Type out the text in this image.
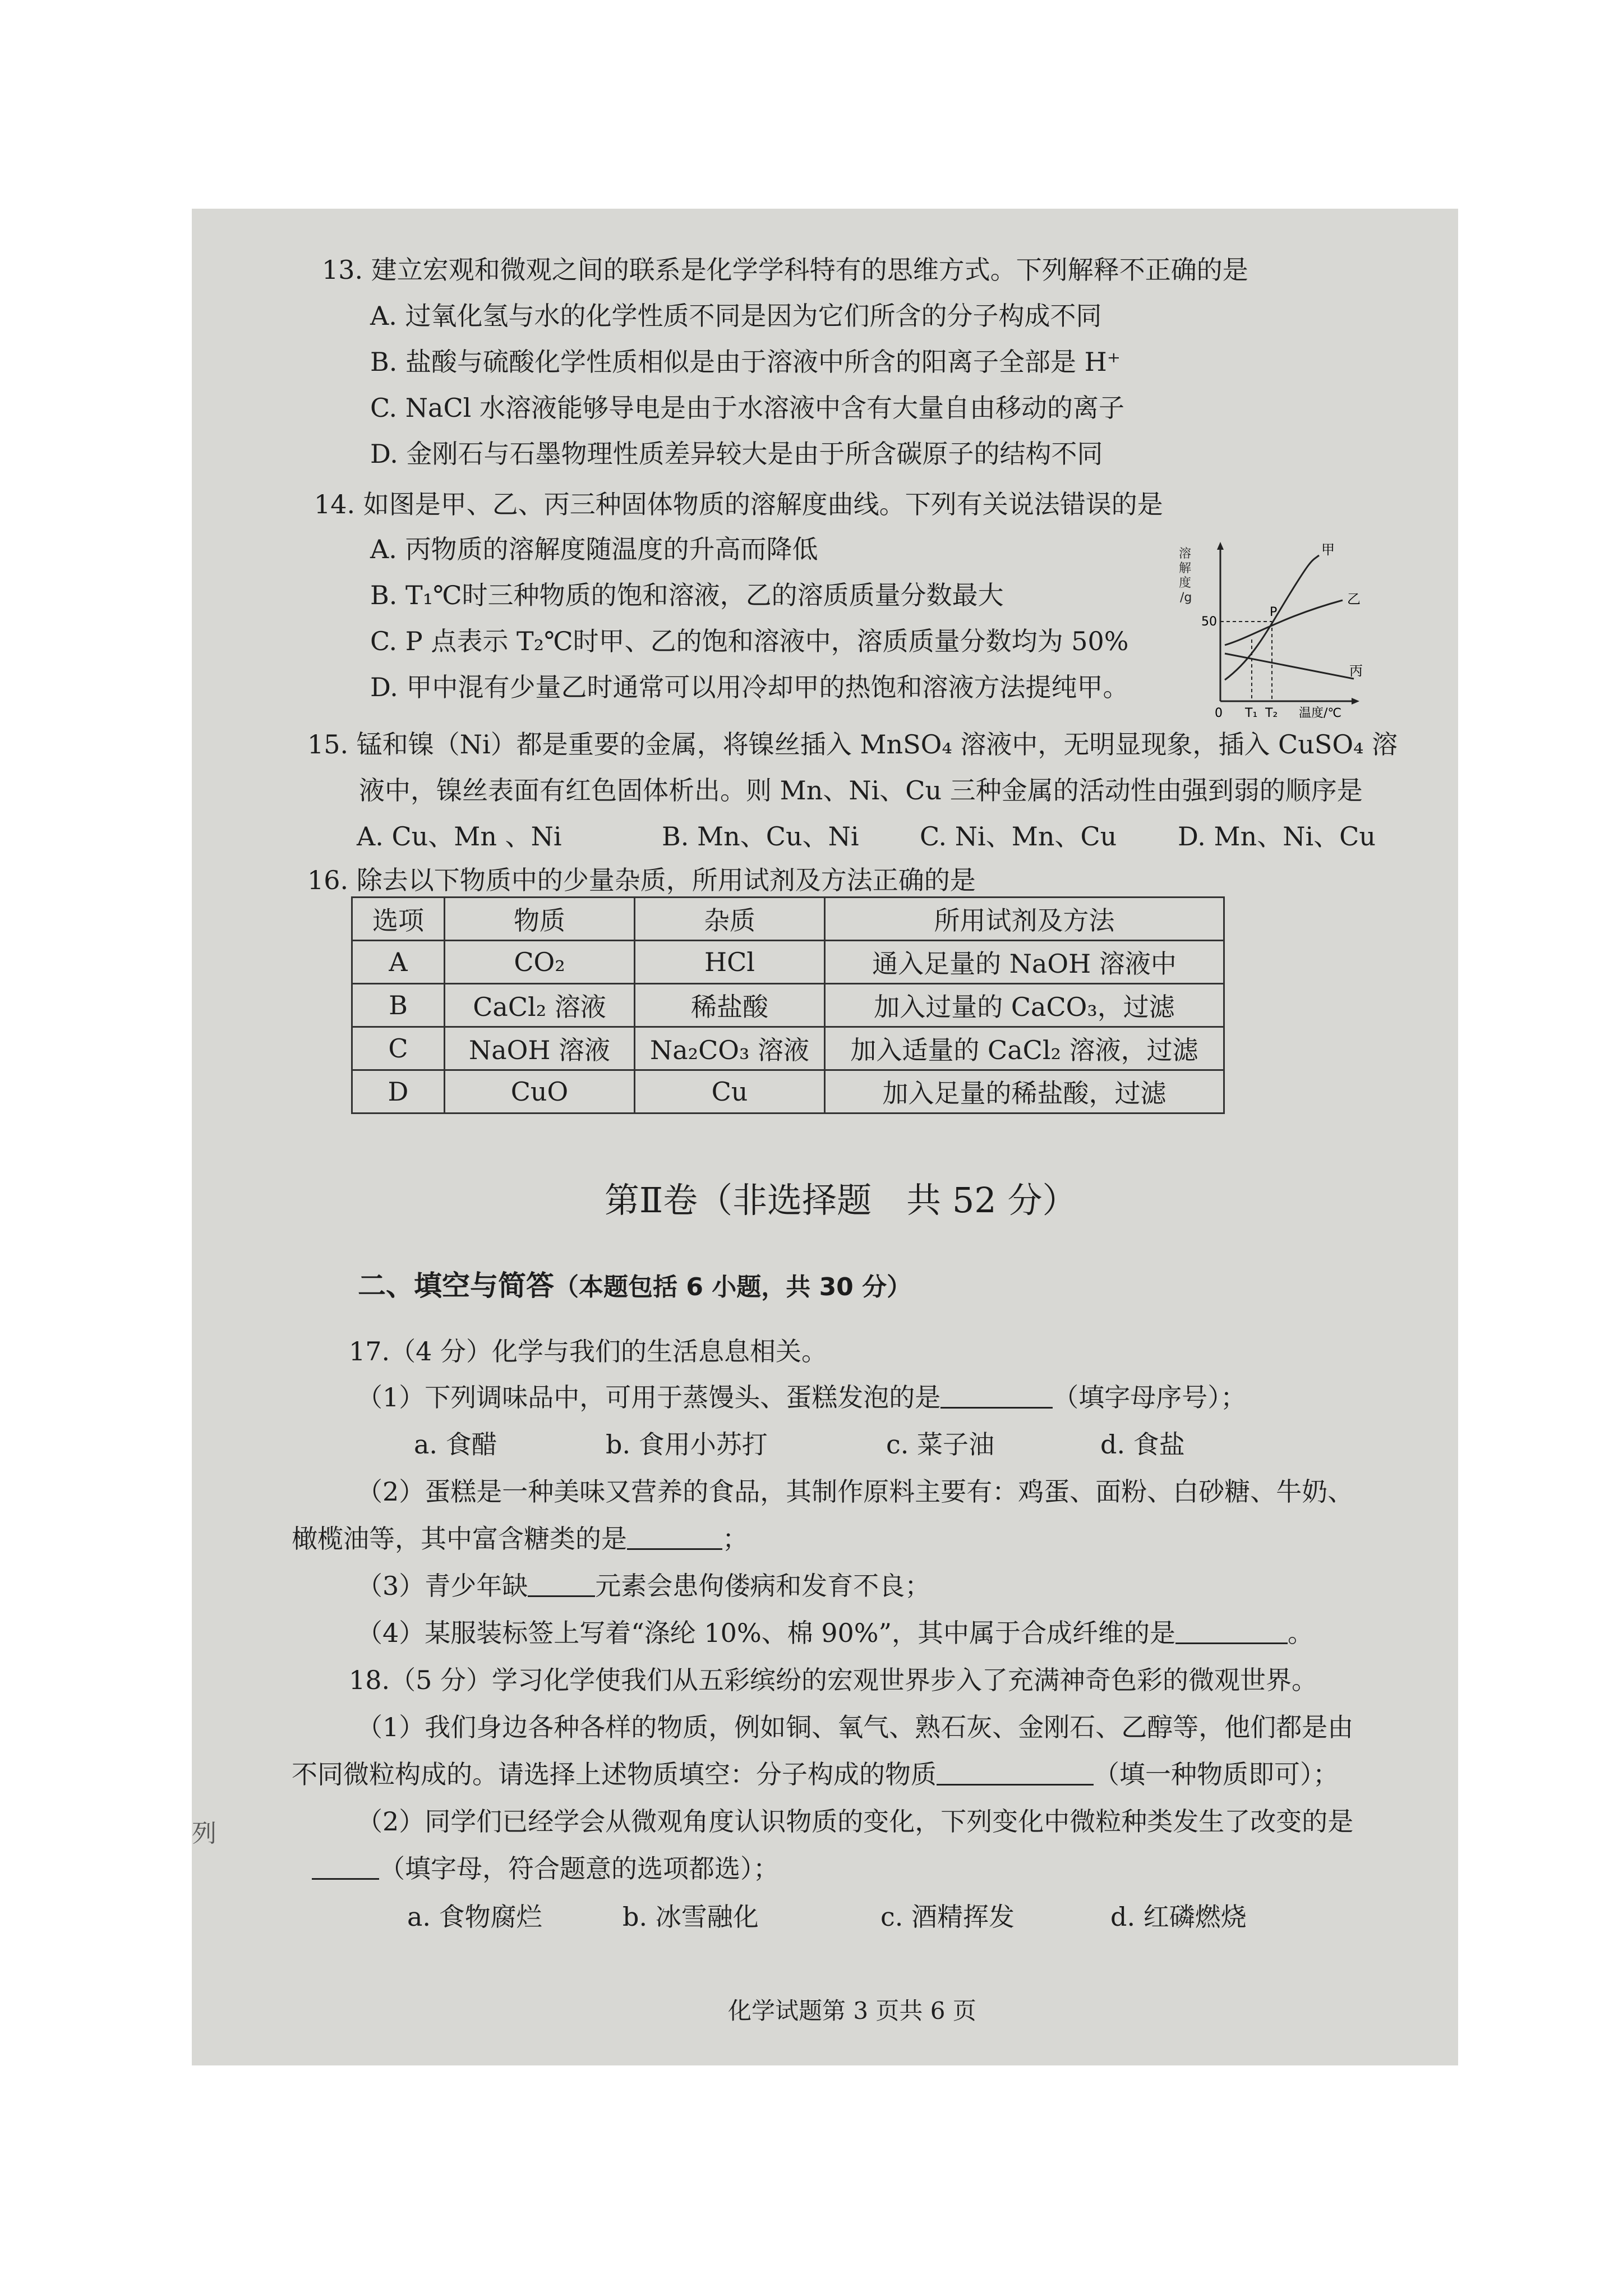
13. 建立宏观和微观之间的联系是化学学科特有的思维方式。下列解释不正确的是
A. 过氧化氢与水的化学性质不同是因为它们所含的分子构成不同
B. 盐酸与硫酸化学性质相似是由于溶液中所含的阳离子全部是 H⁺
C. NaCl 水溶液能够导电是由于水溶液中含有大量自由移动的离子
D. 金刚石与石墨物理性质差异较大是由于所含碳原子的结构不同
14. 如图是甲、乙、丙三种固体物质的溶解度曲线。下列有关说法错误的是
A. 丙物质的溶解度随温度的升高而降低
B. T₁℃时三种物质的饱和溶液，乙的溶质质量分数最大
C. P 点表示 T₂℃时甲、乙的饱和溶液中，溶质质量分数均为 50%
D. 甲中混有少量乙时通常可以用冷却甲的热饱和溶液方法提纯甲。
溶
解
度
/g
P
甲
乙
丙
50
0 T₁ T₂ 温度/℃
15. 锰和镍（Ni）都是重要的金属，将镍丝插入 MnSO₄ 溶液中，无明显现象，插入 CuSO₄ 溶
液中，镍丝表面有红色固体析出。则 Mn、Ni、Cu 三种金属的活动性由强到弱的顺序是
A. Cu、Mn 、Ni	B. Mn、Cu、Ni C. Ni、Mn、Cu D. Mn、Ni、Cu
16. 除去以下物质中的少量杂质，所用试剂及方法正确的是
选项	物质	杂质	所用试剂及方法
A	CO₂	HCl	通入足量的 NaOH 溶液中
B	CaCl₂ 溶液	稀盐酸	加入过量的 CaCO₃，过滤
C	NaOH 溶液	Na₂CO₃ 溶液	加入适量的 CaCl₂ 溶液，过滤
D	CuO	Cu	加入足量的稀盐酸，过滤
第Ⅱ卷（非选择题　共 52 分）
二、填空与简答（本题包括 6 小题，共 30 分）
17.（4 分）化学与我们的生活息息相关。
（1）下列调味品中，可用于蒸馒头、蛋糕发泡的是	（填字母序号）；
a. 食醋	b. 食用小苏打	c. 菜子油	d. 食盐
（2）蛋糕是一种美味又营养的食品，其制作原料主要有：鸡蛋、面粉、白砂糖、牛奶、
橄榄油等，其中富含糖类的是	；
（3）青少年缺	元素会患佝偻病和发育不良；
（4）某服装标签上写着“涤纶 10%、棉 90%”，其中属于合成纤维的是	。
18.（5 分）学习化学使我们从五彩缤纷的宏观世界步入了充满神奇色彩的微观世界。
（1）我们身边各种各样的物质，例如铜、氧气、熟石灰、金刚石、乙醇等，他们都是由
不同微粒构成的。请选择上述物质填空：分子构成的物质	（填一种物质即可）；
（2）同学们已经学会从微观角度认识物质的变化，下列变化中微粒种类发生了改变的是
（填字母，符合题意的选项都选）；
a. 食物腐烂	b. 冰雪融化	c. 酒精挥发	d. 红磷燃烧
化学试题第 3 页共 6 页
列
